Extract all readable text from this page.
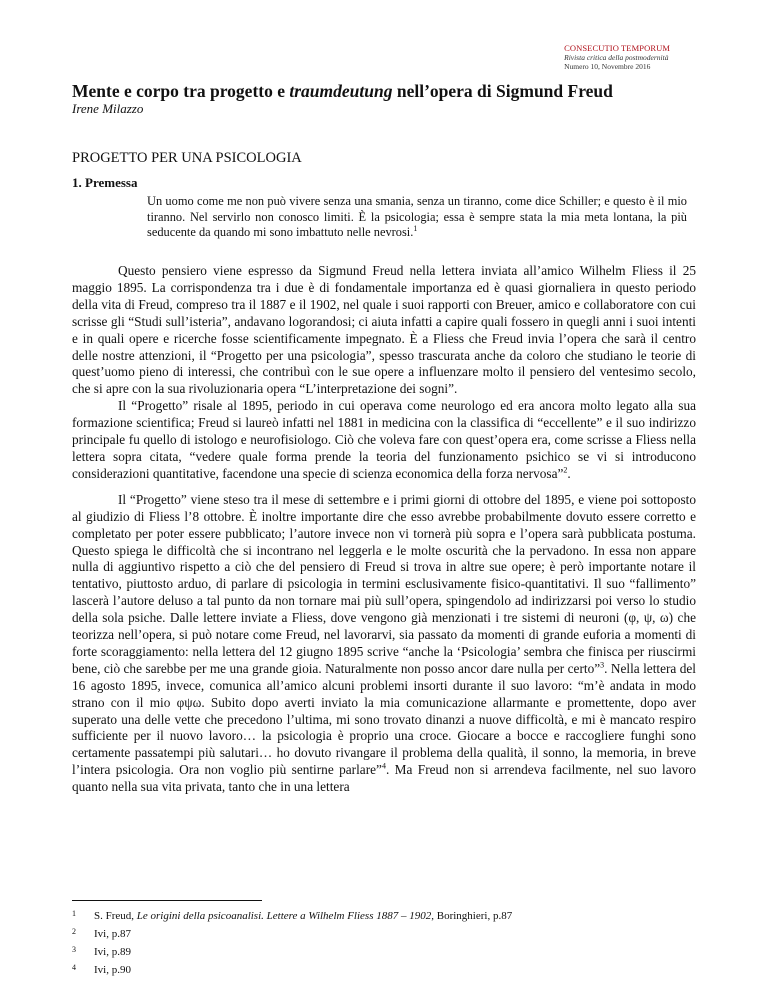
CONSECUTIO TEMPORUM
Rivista critica della postmodernità
Numero 10, Novembre 2016
Mente e corpo tra progetto e traumdeutung nell’opera di Sigmund Freud
Irene Milazzo
PROGETTO PER UNA PSICOLOGIA
1. Premessa
Un uomo come me non può vivere senza una smania, senza un tiranno, come dice Schiller; e questo è il mio tiranno. Nel servirlo non conosco limiti. È la psicologia; essa è sempre stata la mia meta lontana, la più seducente da quando mi sono imbattuto nelle nevrosi.$^1$

Questo pensiero viene espresso da Sigmund Freud nella lettera inviata all’amico Wilhelm Fliess il 25 maggio 1895. La corrispondenza tra i due è di fondamentale importanza ed è quasi giornaliera in questo periodo della vita di Freud, compreso tra il 1887 e il 1902, nel quale i suoi rapporti con Breuer, amico e collaboratore con cui scrisse gli “Studi sull’isteria”, andavano logorandosi; ci aiuta infatti a capire quali fossero in quegli anni i suoi intenti e in quali opere e ricerche fosse scientificamente impegnato. È a Fliess che Freud invia l’opera che sarà il centro delle nostre attenzioni, il “Progetto per una psicologia”, spesso trascurata anche da coloro che studiano le teorie di quest’uomo pieno di interessi, che contribuì con le sue opere a influenzare molto il pensiero del ventesimo secolo, che si apre con la sua rivoluzionaria opera “L’interpretazione dei sogni”.

Il “Progetto” risale al 1895, periodo in cui operava come neurologo ed era ancora molto legato alla sua formazione scientifica; Freud si laureò infatti nel 1881 in medicina con la classifica di “eccellente” e il suo indirizzo principale fu quello di istologo e neurofisiologo. Ciò che voleva fare con quest’opera era, come scrisse a Fliess nella lettera sopra citata, “vedere quale forma prende la teoria del funzionamento psichico se vi si introducono considerazioni quantitative, facendone una specie di scienza economica della forza nervosa”$^2$.

Il “Progetto” viene steso tra il mese di settembre e i primi giorni di ottobre del 1895, e viene poi sottoposto al giudizio di Fliess l’8 ottobre. È inoltre importante dire che esso avrebbe probabilmente dovuto essere corretto e completato per poter essere pubblicato; l’autore invece non vi tornerà più sopra e l’opera sarà pubblicata postuma. Questo spiega le difficoltà che si incontrano nel leggerla e le molte oscurità che la pervadono. In essa non appare nulla di aggiuntivo rispetto a ciò che del pensiero di Freud si trova in altre sue opere; è però importante notare il tentativo, piuttosto arduo, di parlare di psicologia in termini esclusivamente fisico-quantitativi. Il suo “fallimento” lascerà l’autore deluso a tal punto da non tornare mai più sull’opera, spingendolo ad indirizzarsi poi verso lo studio della sola psiche. Dalle lettere inviate a Fliess, dove vengono già menzionati i tre sistemi di neuroni (φ, ψ, ω) che teorizza nell’opera, si può notare come Freud, nel lavorarvi, sia passato da momenti di grande euforia a momenti di forte scoraggiamento: nella lettera del 12 giugno 1895 scrive “anche la ‘Psicologia’ sembra che finisca per riuscirmi bene, ciò che sarebbe per me una grande gioia. Naturalmente non posso ancor dare nulla per certo”$^3$. Nella lettera del 16 agosto 1895, invece, comunica all’amico alcuni problemi insorti durante il suo lavoro: “m’è andata in modo strano con il mio φψω. Subito dopo averti inviato la mia comunicazione allarmante e promettente, dopo aver superato una delle vette che precedono l’ultima, mi sono trovato dinanzi a nuove difficoltà, e mi è mancato respiro sufficiente per il nuovo lavoro… la psicologia è proprio una croce. Giocare a bocce e raccogliere funghi sono certamente passatempi più salutari… ho dovuto rivangare il problema della qualità, il sonno, la memoria, in breve l’intera psicologia. Ora non voglio più sentirne parlare”$^4$. Ma Freud non si arrendeva facilmente, nel suo lavoro quanto nella sua vita privata, tanto che in una lettera

1 S. Freud, Le origini della psicoanalisi. Lettere a Wilhelm Fliess 1887 – 1902, Boringhieri, p.87
2 Ivi, p.87
3 Ivi, p.89
4 Ivi, p.90
